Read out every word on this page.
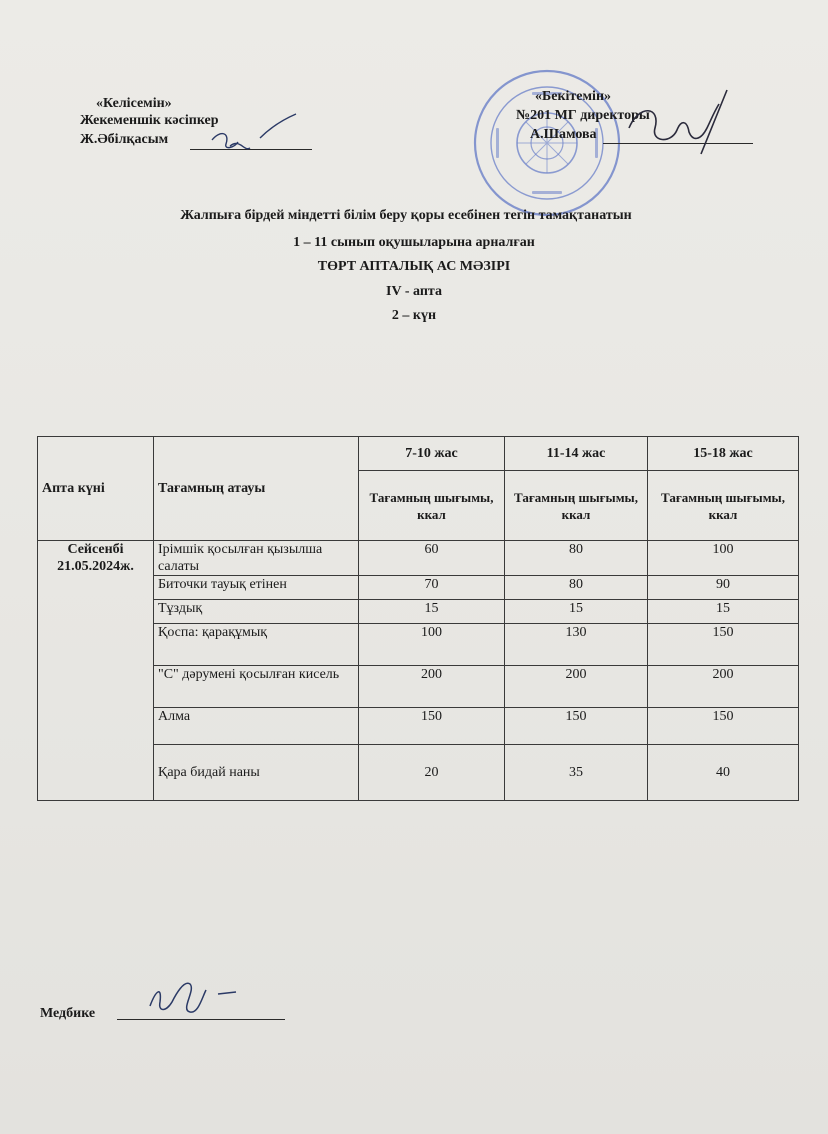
«Келісемін»
Жекеменшік кәсіпкер
Ж.Әбілқасым
«Бекітемін»
№201 МГ директоры
А.Шамова
Жалпыға бірдей міндетті білім беру қоры есебінен тегін тамақтанатын
1 – 11 сынып оқушыларына арналған
ТӨРТ АПТАЛЫҚ АС МӘЗІРІ
IV - апта
2 – күн
Апта күні	Тағамның атауы	7-10 жас	11-14 жас	15-18 жас
		Тағамның шығымы, ккал	Тағамның шығымы, ккал	Тағамның шығымы, ккал
Сейсенбі 21.05.2024ж.	Ірімшік қосылған қызылша салаты	60	80	100
	Биточки тауық етінен	70	80	90
	Тұздық	15	15	15
	Қоспа: қарақұмық	100	130	150
	"С" дәрумені қосылған кисель	200	200	200
	Алма	150	150	150
	Қара бидай наны	20	35	40
Медбике
